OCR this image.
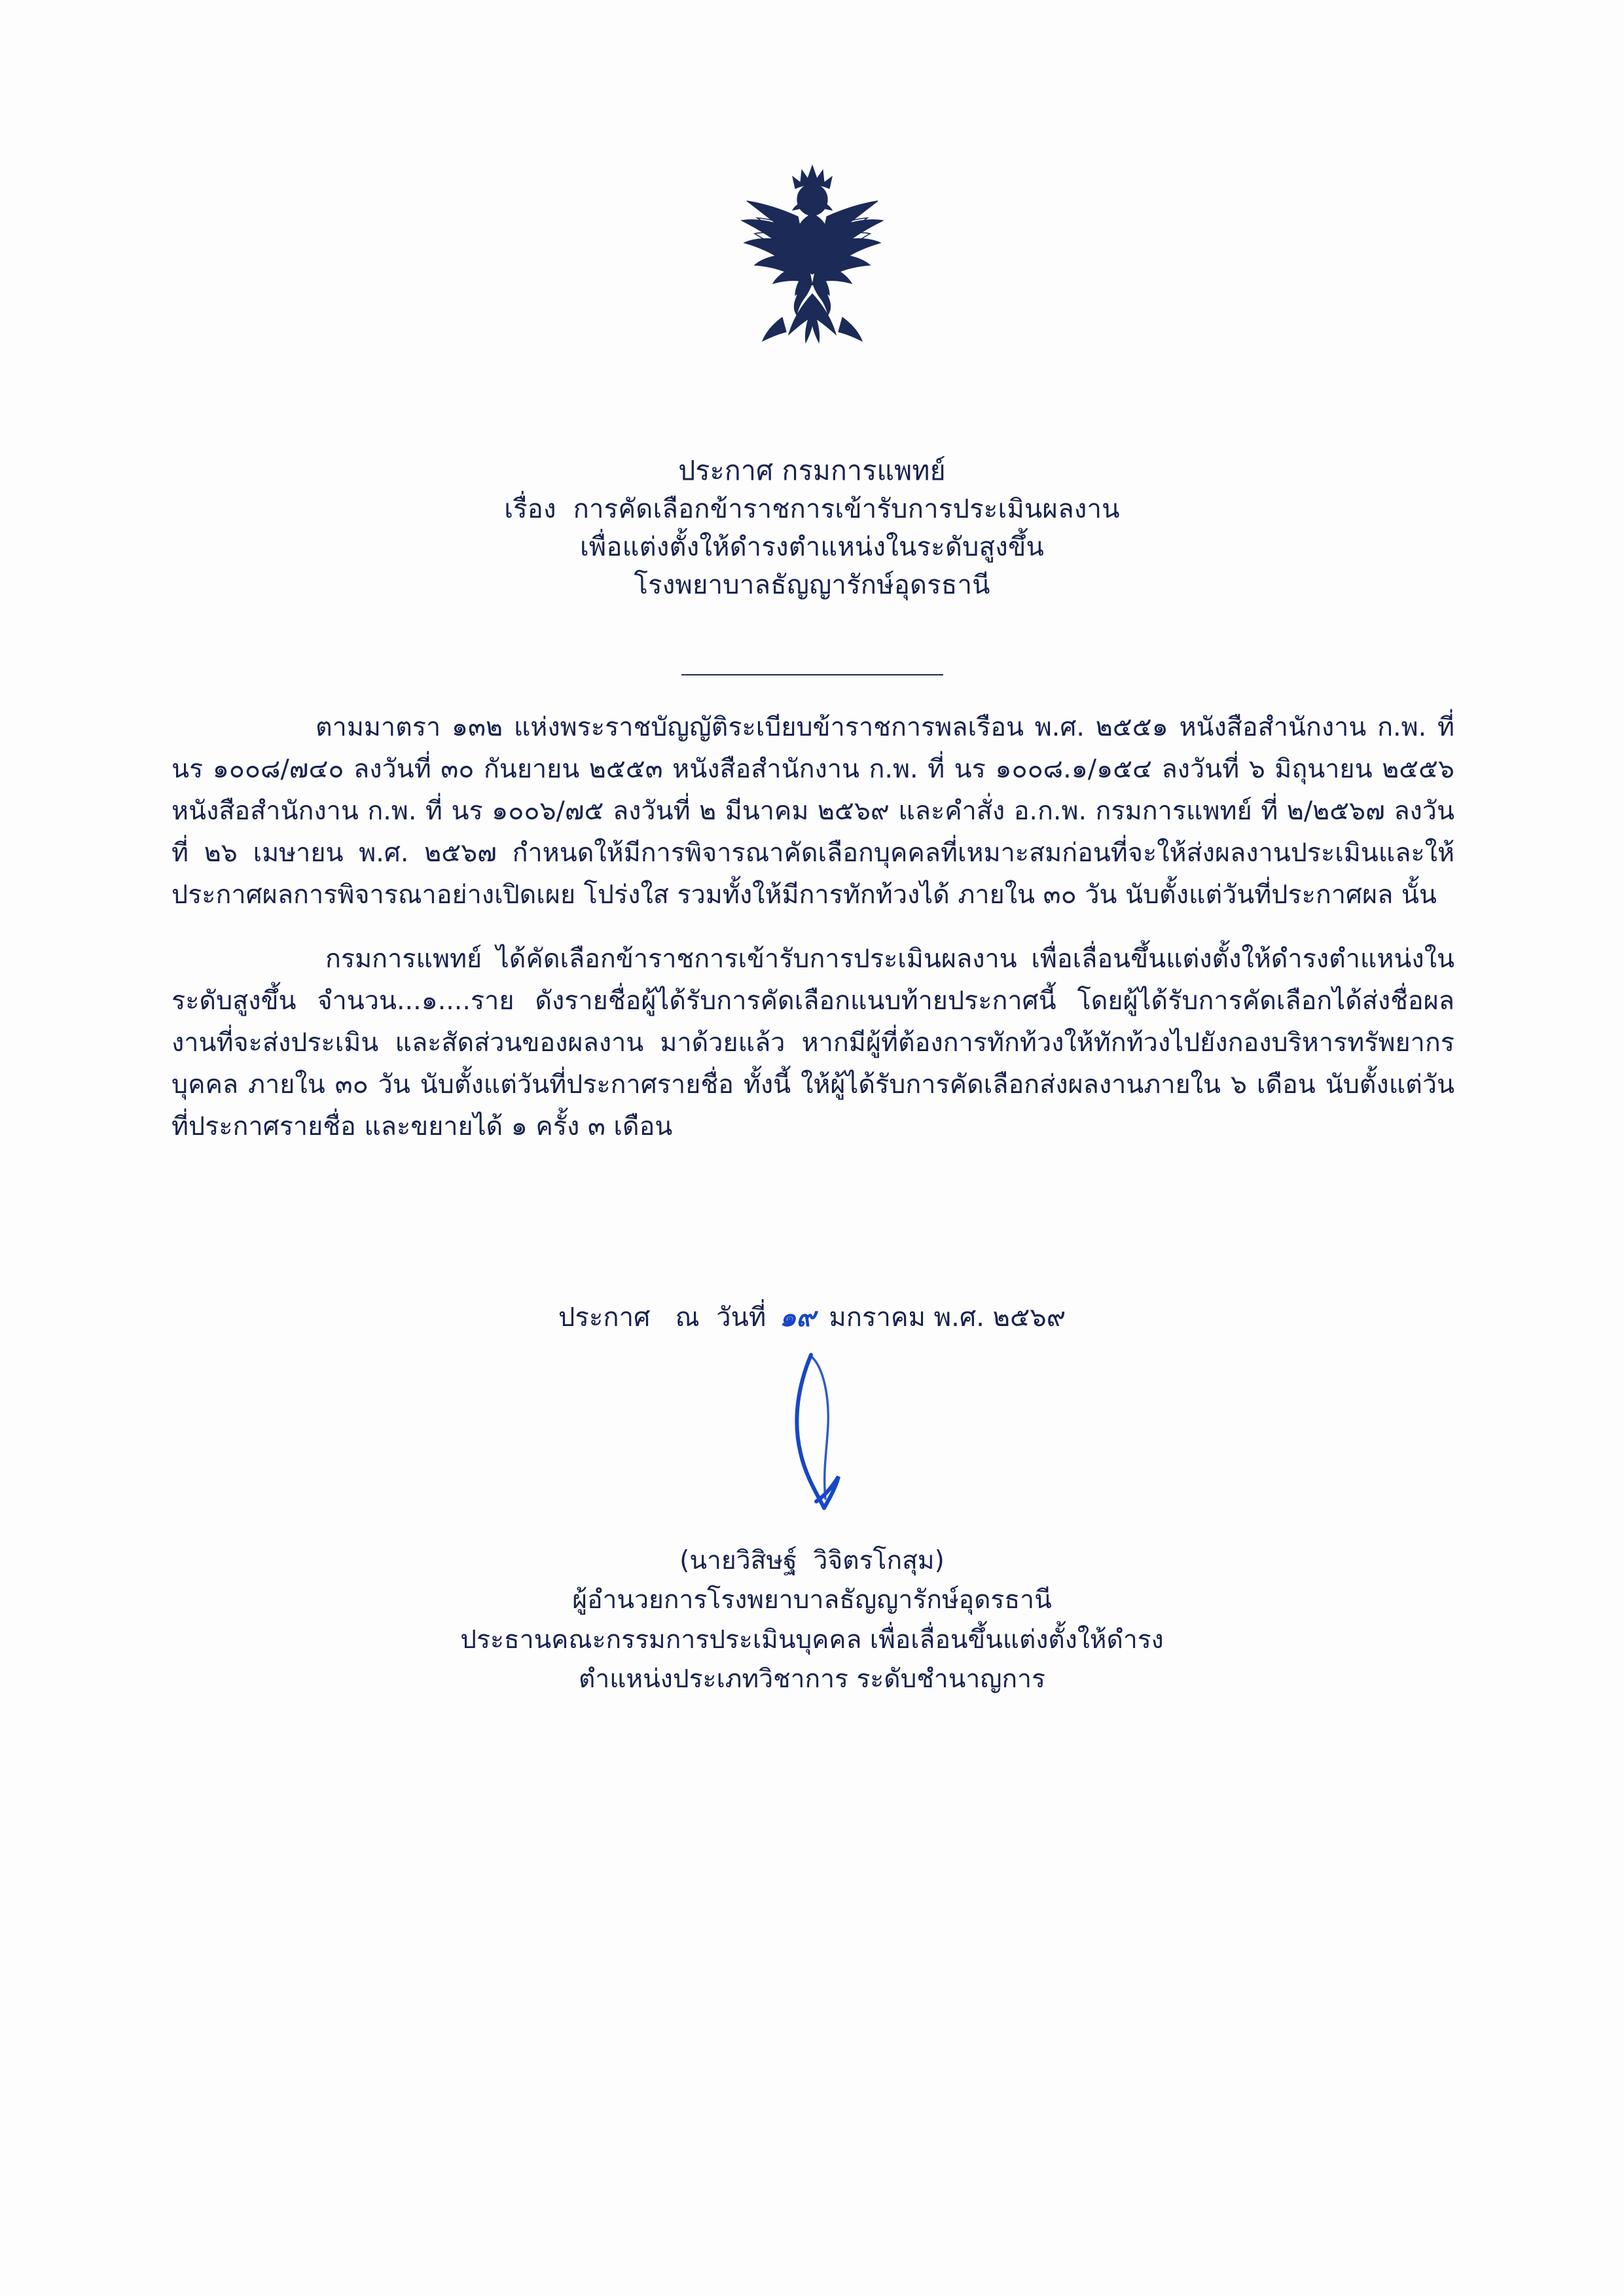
ประกาศ กรมการแพทย์
เรื่อง  การคัดเลือกข้าราชการเข้ารับการประเมินผลงาน
เพื่อแต่งตั้งให้ดำรงตำแหน่งในระดับสูงขึ้น
โรงพยาบาลธัญญารักษ์อุดรธานี
ตามมาตรา ๑๓๒ แห่งพระราชบัญญัติระเบียบข้าราชการพลเรือน พ.ศ. ๒๕๕๑ หนังสือสำนักงาน ก.พ. ที่ นร ๑๐๐๘/๗๔๐ ลงวันที่ ๓๐ กันยายน ๒๕๕๓ หนังสือสำนักงาน ก.พ. ที่ นร ๑๐๐๘.๑/๑๕๔ ลงวันที่ ๖ มิถุนายน ๒๕๕๖ หนังสือสำนักงาน ก.พ. ที่ นร ๑๐๐๖/๗๕ ลงวันที่ ๒ มีนาคม ๒๕๖๙ และคำสั่ง อ.ก.พ. กรมการแพทย์ ที่ ๒/๒๕๖๗ ลงวันที่ ๒๖ เมษายน พ.ศ. ๒๕๖๗ กำหนดให้มีการพิจารณาคัดเลือกบุคคลที่เหมาะสมก่อนที่จะให้ส่งผลงานประเมินและให้ประกาศผลการพิจารณาอย่างเปิดเผย โปร่งใส รวมทั้งให้มีการทักท้วงได้ ภายใน ๓๐ วัน นับตั้งแต่วันที่ประกาศผล นั้น
กรมการแพทย์ ได้คัดเลือกข้าราชการเข้ารับการประเมินผลงาน เพื่อเลื่อนขึ้นแต่งตั้งให้ดำรงตำแหน่งในระดับสูงขึ้น จำนวน...๑....ราย ดังรายชื่อผู้ได้รับการคัดเลือกแนบท้ายประกาศนี้ โดยผู้ได้รับการคัดเลือกได้ส่งชื่อผลงานที่จะส่งประเมิน และสัดส่วนของผลงาน มาด้วยแล้ว หากมีผู้ที่ต้องการทักท้วงให้ทักท้วงไปยังกองบริหารทรัพยากรบุคคล ภายใน ๓๐ วัน นับตั้งแต่วันที่ประกาศรายชื่อ ทั้งนี้ ให้ผู้ได้รับการคัดเลือกส่งผลงานภายใน ๖ เดือน นับตั้งแต่วันที่ประกาศรายชื่อ และขยายได้ ๑ ครั้ง ๓ เดือน
ประกาศ   ณ  วันที่ ๑๙ มกราคม พ.ศ. ๒๕๖๙
(นายวิสิษฐ์  วิจิตรโกสุม)
ผู้อำนวยการโรงพยาบาลธัญญารักษ์อุดรธานี
ประธานคณะกรรมการประเมินบุคคล เพื่อเลื่อนขึ้นแต่งตั้งให้ดำรง
ตำแหน่งประเภทวิชาการ ระดับชำนาญการ
